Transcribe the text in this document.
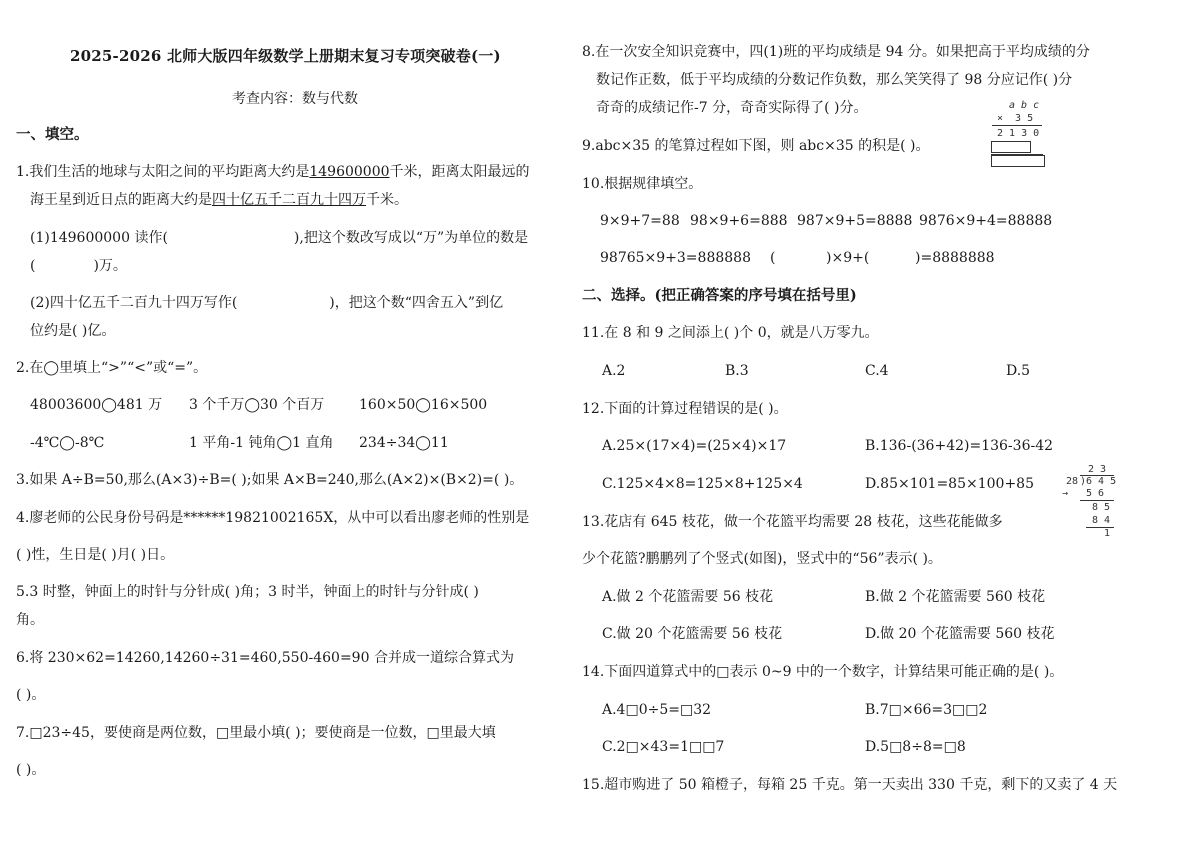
2025-2026 北师大版四年级数学上册期末复习专项突破卷(一)
考查内容：数与代数
一、填空。
1.我们生活的地球与太阳之间的平均距离大约是149600000千米，距离太阳最远的
海王星到近日点的距离大约是四十亿五千二百九十四万千米。
(1)149600000 读作(	),把这个数改写成以“万”为单位的数是
(	)万。
(2)四十亿五千二百九十四万写作(	)，把这个数“四舍五入”到亿
位约是( )亿。
2.在◯里填上“>”“<”或“=”。
48003600◯481 万 3 个千万◯30 个百万 160×50◯16×500
-4℃◯-8℃	1 平角-1 钝角◯1 直角 234÷34◯11
3.如果 A÷B=50,那么(A×3)÷B=( );如果 A×B=240,那么(A×2)×(B×2)=( )。
4.廖老师的公民身份号码是******19821002165X，从中可以看出廖老师的性别是
( )性，生日是( )月( )日。
5.3 时整，钟面上的时针与分针成( )角；3 时半，钟面上的时针与分针成( )
角。
6.将 230×62=14260,14260÷31=460,550-460=90 合并成一道综合算式为
( )。
7.□23÷45，要使商是两位数，□里最小填( )；要使商是一位数，□里最大填
( )。
8.在一次安全知识竞赛中，四(1)班的平均成绩是 94 分。如果把高于平均成绩的分
数记作正数，低于平均成绩的分数记作负数，那么笑笑得了 98 分应记作( )分
奇奇的成绩记作-7 分，奇奇实际得了( )分。	a b c
×  3 5
2 1 3 0
9.abc×35 的笔算过程如下图，则 abc×35 的积是( )。
10.根据规律填空。
9×9+7=88 98×9+6=888 987×9+5=8888 9876×9+4=88888
98765×9+3=888888 (	)×9+(	)=8888888
二、选择。(把正确答案的序号填在括号里)
11.在 8 和 9 之间添上( )个 0，就是八万零九。
A.2	B.3	C.4	D.5
12.下面的计算过程错误的是( )。
A.25×(17×4)=(25×4)×17	B.136-(36+42)=136-36-42
C.125×4×8=125×8+125×4	D.85×101=85×100+85
2 3
28 ) 6 4 5
→ 5 6
8 5
8 4
1
13.花店有 645 枝花，做一个花篮平均需要 28 枝花，这些花能做多
少个花篮?鹏鹏列了个竖式(如图)，竖式中的“56”表示( )。
A.做 2 个花篮需要 56 枝花	B.做 2 个花篮需要 560 枝花
C.做 20 个花篮需要 56 枝花	D.做 20 个花篮需要 560 枝花
14.下面四道算式中的□表示 0~9 中的一个数字，计算结果可能正确的是( )。
A.4□0÷5=□32	B.7□×66=3□□2
C.2□×43=1□□7	D.5□8÷8=□8
15.超市购进了 50 箱橙子，每箱 25 千克。第一天卖出 330 千克，剩下的又卖了 4 天
